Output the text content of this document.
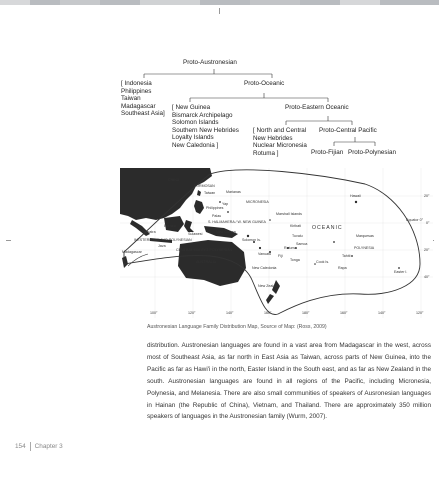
Proto-Austronesian
[ Indonesia
Philippines
Taiwan
Madagascar
Southeast Asia]
Proto-Oceanic
[ New Guinea
Bismarck Archipelago
Solomon Islands
Southern New Hebrides
Loyalty Islands
New Caledonia ]
Proto-Eastern Oceanic
[ North and Central
New Hebrides
Nuclear Micronesia
Rotuma ]
Proto-Central Pacific
Proto-Fijian Proto-Polynesian
CHINA
FORMOSAN
Taiwan
Philippines
Marianas
Palau
Yap	MICRONESIA
Hawaii
Marshall Islands
Kiribati
S. HALMAHERA / W. NEW GUINEA
Borneo
Sumatra
Java
Sulawesi
WESTERN MALAYO-POLYNESIAN
CENTRAL MALAYO-POLYNESIAN
New Guinea
Solomon Is.
Vanuatu
New Caledonia
Fiji
Samoa
Tonga
Rotuma
Tuvalu
OCEANIC
POLYNESIA
Marquesas
Tahiti
Cook Is.
Rapa
Easter I.
AUSTRALIA
Madagascar
New Zealand
Equator 0°
100°	120°	140°	160°	180°	160°	140°	120°
20°
0°
20°
40°
Austronesian Language Family Distribution Map, Source of Map: (Ross, 2009)
distribution. Austronesian languages are found in a vast area from Madagascar in the west, across most of Southeast Asia, as far north in East Asia as Taiwan, across parts of New Guinea, into the Pacific as far as Hawi'i in the north, Easter Island in the South east, and as far as New Zealand in the south. Austronesian languages are found in all regions of the Pacific, including Micronesia, Polynesia, and Melanesia. There are also small communities of speakers of Ausronesian languages in Hainan (the Republic of China), Vietnam, and Thailand. There are approximately 350 million speakers of languages in the Austronesian family (Wurm, 2007).
154 Chapter 3
